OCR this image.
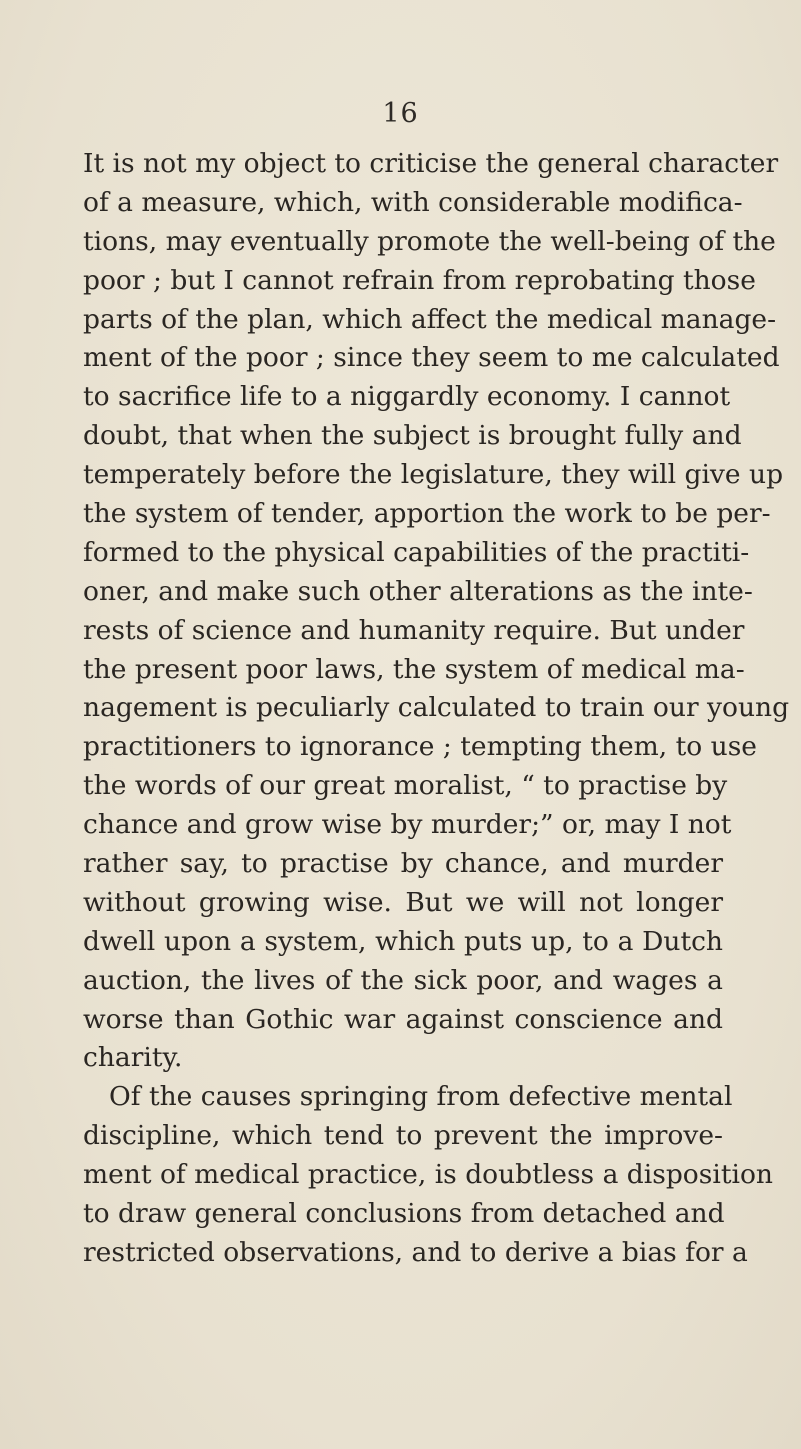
16
It is not my object to criticise the general character
of a measure, which, with considerable modifica-
tions, may eventually promote the well-being of the
poor ; but I cannot refrain from reprobating those
parts of the plan, which affect the medical manage-
ment of the poor ; since they seem to me calculated
to sacrifice life to a niggardly economy. I cannot
doubt, that when the subject is brought fully and
temperately before the legislature, they will give up
the system of tender, apportion the work to be per-
formed to the physical capabilities of the practiti-
oner, and make such other alterations as the inte-
rests of science and humanity require. But under
the present poor laws, the system of medical ma-
nagement is peculiarly calculated to train our young
practitioners to ignorance ; tempting them, to use
the words of our great moralist, “ to practise by
chance and grow wise by murder;” or, may I not
rather say, to practise by chance, and murder
without growing wise. But we will not longer
dwell upon a system, which puts up, to a Dutch
auction, the lives of the sick poor, and wages a
worse than Gothic war against conscience and
charity.
Of the causes springing from defective mental
discipline, which tend to prevent the improve-
ment of medical practice, is doubtless a disposition
to draw general conclusions from detached and
restricted observations, and to derive a bias for a
